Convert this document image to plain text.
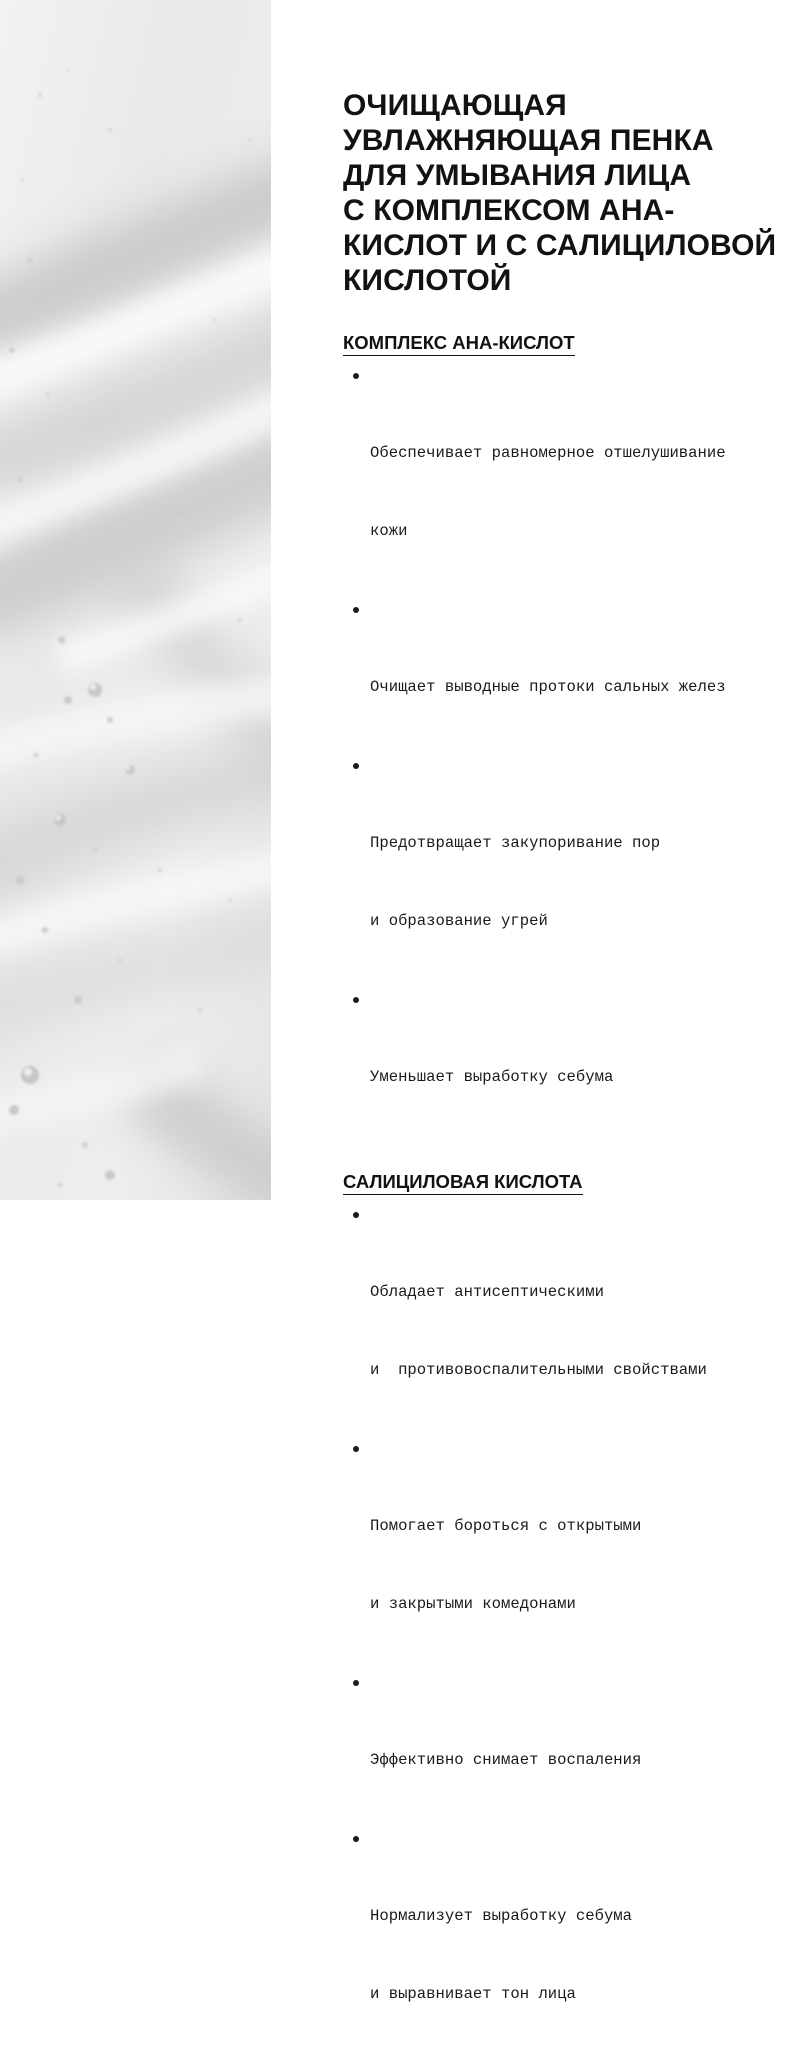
ОЧИЩАЮЩАЯ
УВЛАЖНЯЮЩАЯ ПЕНКА
ДЛЯ УМЫВАНИЯ ЛИЦА
С КОМПЛЕКСОМ АНА-
КИСЛОТ И С САЛИЦИЛОВОЙ
КИСЛОТОЙ
КОМПЛЕКС АНА-КИСЛОТ

Обеспечивает равномерное отшелушивание

кожи

Очищает выводные протоки сальных желез

Предотвращает закупоривание пор

и образование угрей

Уменьшает выработку себума

САЛИЦИЛОВАЯ КИСЛОТА

Обладает антисептическими

и  противовоспалительными свойствами

Помогает бороться с открытыми

и закрытыми комедонами

Эффективно снимает воспаления

Нормализует выработку себума

и выравнивает тон лица
